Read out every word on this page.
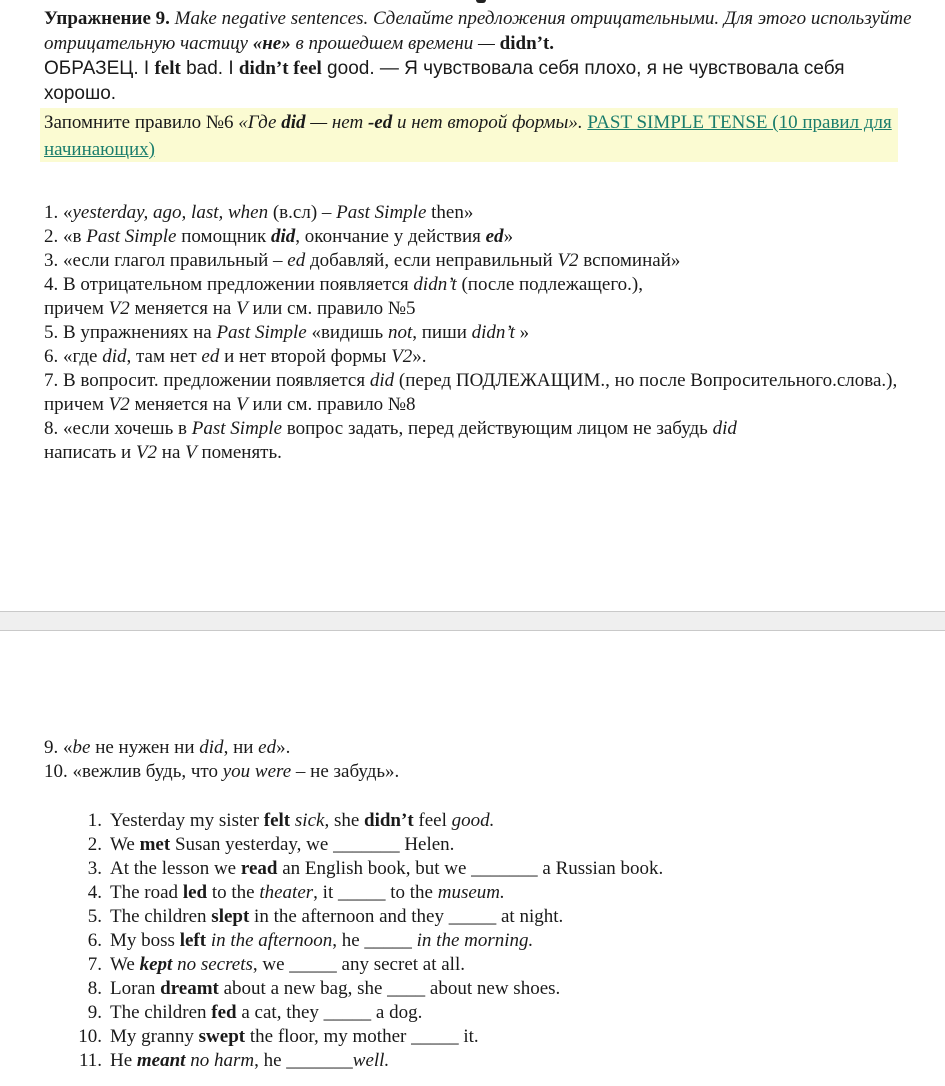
Упражнение 9. Make negative sentences. Сделайте предложения отрицательными. Для этого используйте отрицательную частицу «не» в прошедшем времени — didn’t.
ОБРАЗЕЦ. I felt bad. I didn’t feel good. — Я чувствовала себя плохо, я не чувствовала себя хорошо.
Запомните правило №6 «Где did — нет -ed и нет второй формы». PAST SIMPLE TENSE (10 правил для начинающих)

1. «yesterday, ago, last, when (в.сл) – Past Simple then»

2. «в Past Simple помощник did, окончание у действия ed»

3. «если глагол правильный – ed добавляй, если неправильный V2 вспоминай»

4. В отрицательном предложении появляется didn’t (после подлежащего.),
причем V2 меняется на V или см. правило №5

5. В упражнениях на Past Simple «видишь not, пиши didn’t »

6. «где did, там нет ed и нет второй формы V2».

7. В вопросит. предложении появляется did (перед ПОДЛЕЖАЩИМ., но после Вопросительного.слова.),
причем V2 меняется на V или см. правило №8

8. «если хочешь в Past Simple вопрос задать, перед действующим лицом не забудь did написать и V2 на V поменять.

9. «be не нужен ни did, ни ed».

10. «вежлив будь, что you were – не забудь».

1. Yesterday my sister felt sick, she didn’t feel good.
2. We met Susan yesterday, we _______ Helen.
3. At the lesson we read an English book, but we _______ a Russian book.
4. The road led to the theater, it _____ to the museum.
5. The children slept in the afternoon and they _____ at night.
6. My boss left in the afternoon, he _____ in the morning.
7. We kept no secrets, we _____ any secret at all.
8. Loran dreamt about a new bag, she ____ about new shoes.
9. The children fed a cat, they _____ a dog.
10. My granny swept the floor, my mother _____ it.
11. He meant no harm, he _______well.
